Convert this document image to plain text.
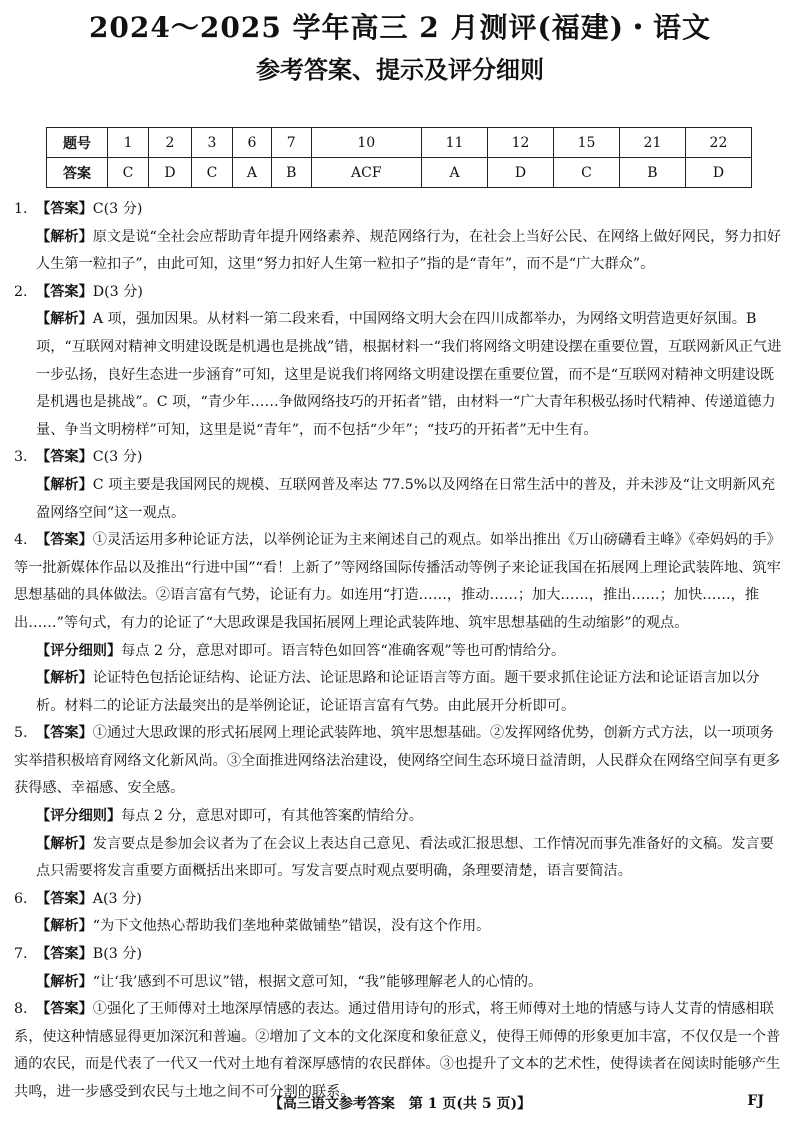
2024～2025 学年高三 2 月测评(福建)・语文
参考答案、提示及评分细则
题号	1	2	3	6	7	10	11	12	15	21	22
答案	C	D	C	A	B	ACF	A	D	C	B	D

1. 【答案】C(3 分)

【解析】原文是说“全社会应帮助青年提升网络素养、规范网络行为，在社会上当好公民、在网络上做好网民，努力扣好人生第一粒扣子”，由此可知，这里“努力扣好人生第一粒扣子”指的是“青年”，而不是“广大群众”。

2. 【答案】D(3 分)

【解析】A 项，强加因果。从材料一第二段来看，中国网络文明大会在四川成都举办，为网络文明营造更好氛围。B 项，“互联网对精神文明建设既是机遇也是挑战”错，根据材料一“我们将网络文明建设摆在重要位置，互联网新风正气进一步弘扬，良好生态进一步涵育”可知，这里是说我们将网络文明建设摆在重要位置，而不是“互联网对精神文明建设既是机遇也是挑战”。C 项，“青少年……争做网络技巧的开拓者”错，由材料一“广大青年积极弘扬时代精神、传递道德力量、争当文明榜样”可知，这里是说“青年”，而不包括“少年”；“技巧的开拓者”无中生有。

3. 【答案】C(3 分)

【解析】C 项主要是我国网民的规模、互联网普及率达 77.5%以及网络在日常生活中的普及，并未涉及“让文明新风充盈网络空间”这一观点。

4. 【答案】①灵活运用多种论证方法，以举例论证为主来阐述自己的观点。如举出推出《万山磅礴看主峰》《牵妈妈的手》等一批新媒体作品以及推出“行进中国”“看！上新了”等网络国际传播活动等例子来论证我国在拓展网上理论武装阵地、筑牢思想基础的具体做法。②语言富有气势，论证有力。如连用“打造……，推动……；加大……，推出……；加快……，推出……”等句式，有力的论证了“大思政课是我国拓展网上理论武装阵地、筑牢思想基础的生动缩影”的观点。

【评分细则】每点 2 分，意思对即可。语言特色如回答“准确客观”等也可酌情给分。

【解析】论证特色包括论证结构、论证方法、论证思路和论证语言等方面。题干要求抓住论证方法和论证语言加以分析。材料二的论证方法最突出的是举例论证，论证语言富有气势。由此展开分析即可。

5. 【答案】①通过大思政课的形式拓展网上理论武装阵地、筑牢思想基础。②发挥网络优势，创新方式方法，以一项项务实举措积极培育网络文化新风尚。③全面推进网络法治建设，使网络空间生态环境日益清朗，人民群众在网络空间享有更多获得感、幸福感、安全感。

【评分细则】每点 2 分，意思对即可，有其他答案酌情给分。

【解析】发言要点是参加会议者为了在会议上表达自己意见、看法或汇报思想、工作情况而事先准备好的文稿。发言要点只需要将发言重要方面概括出来即可。写发言要点时观点要明确，条理要清楚，语言要简洁。

6. 【答案】A(3 分)

【解析】“为下文他热心帮助我们垄地种菜做铺垫”错误，没有这个作用。

7. 【答案】B(3 分)

【解析】“让‘我’感到不可思议”错，根据文意可知，“我”能够理解老人的心情的。

8. 【答案】①强化了王师傅对土地深厚情感的表达。通过借用诗句的形式，将王师傅对土地的情感与诗人艾青的情感相联系，使这种情感显得更加深沉和普遍。②增加了文本的文化深度和象征意义，使得王师傅的形象更加丰富，不仅仅是一个普通的农民，而是代表了一代又一代对土地有着深厚感情的农民群体。③也提升了文本的艺术性，使得读者在阅读时能够产生共鸣，进一步感受到农民与土地之间不可分割的联系。

【高三语文参考答案　第 1 页(共 5 页)】	FJ
